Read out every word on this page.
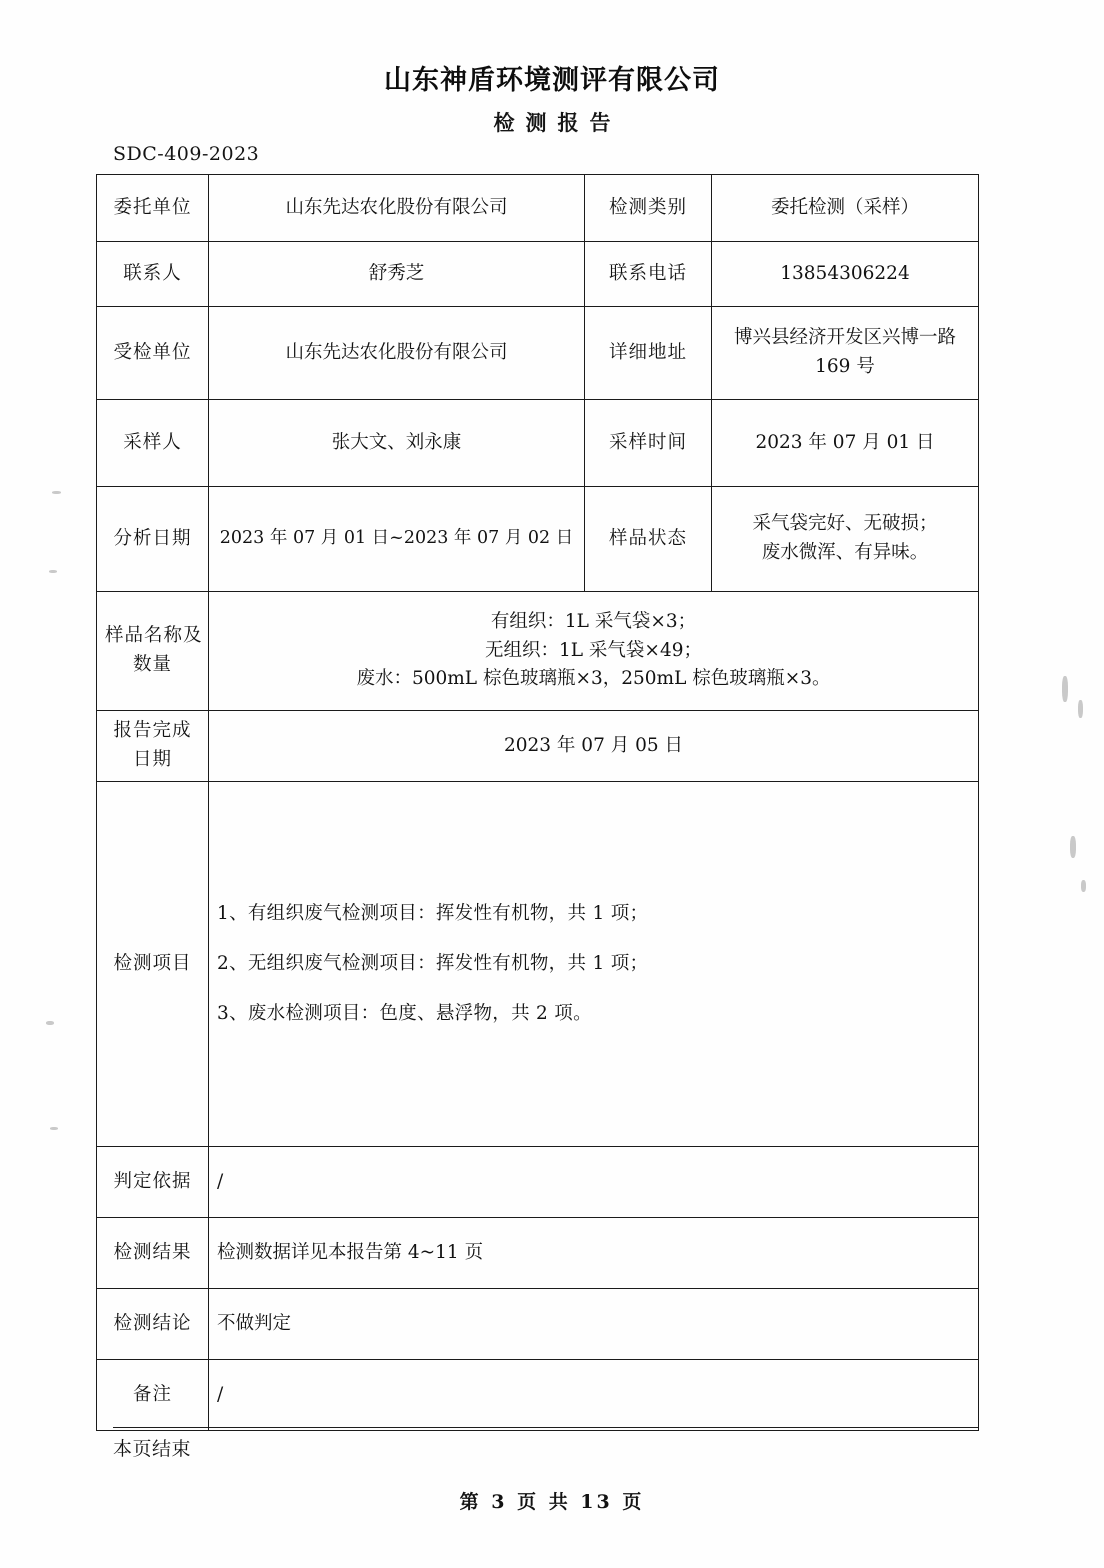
山东神盾环境测评有限公司
检测报告
SDC-409-2023
委托单位	山东先达农化股份有限公司	检测类别	委托检测（采样）
联系人	舒秀芝	联系电话	13854306224
受检单位	山东先达农化股份有限公司	详细地址	博兴县经济开发区兴博一路
169 号

采样人	张大文、刘永康	采样时间	2023 年 07 月 01 日
分析日期	2023 年 07 月 01 日~2023 年 07 月 02 日	样品状态	采气袋完好、无破损；
废水微浑、有异味。

样品名称及
数量	有组织：1L 采气袋×3；
无组织：1L 采气袋×49；
废水：500mL 棕色玻璃瓶×3，250mL 棕色玻璃瓶×3。		

报告完成
日期	2023 年 07 月 05 日		
检测项目	1、有组织废气检测项目：挥发性有机物，共 1 项；

2、无组织废气检测项目：挥发性有机物，共 1 项；

3、废水检测项目：色度、悬浮物，共 2 项。		

判定依据	/		
检测结果	检测数据详见本报告第 4~11 页		
检测结论	不做判定		
备注	/		
本页结束
第 3 页 共 13 页
